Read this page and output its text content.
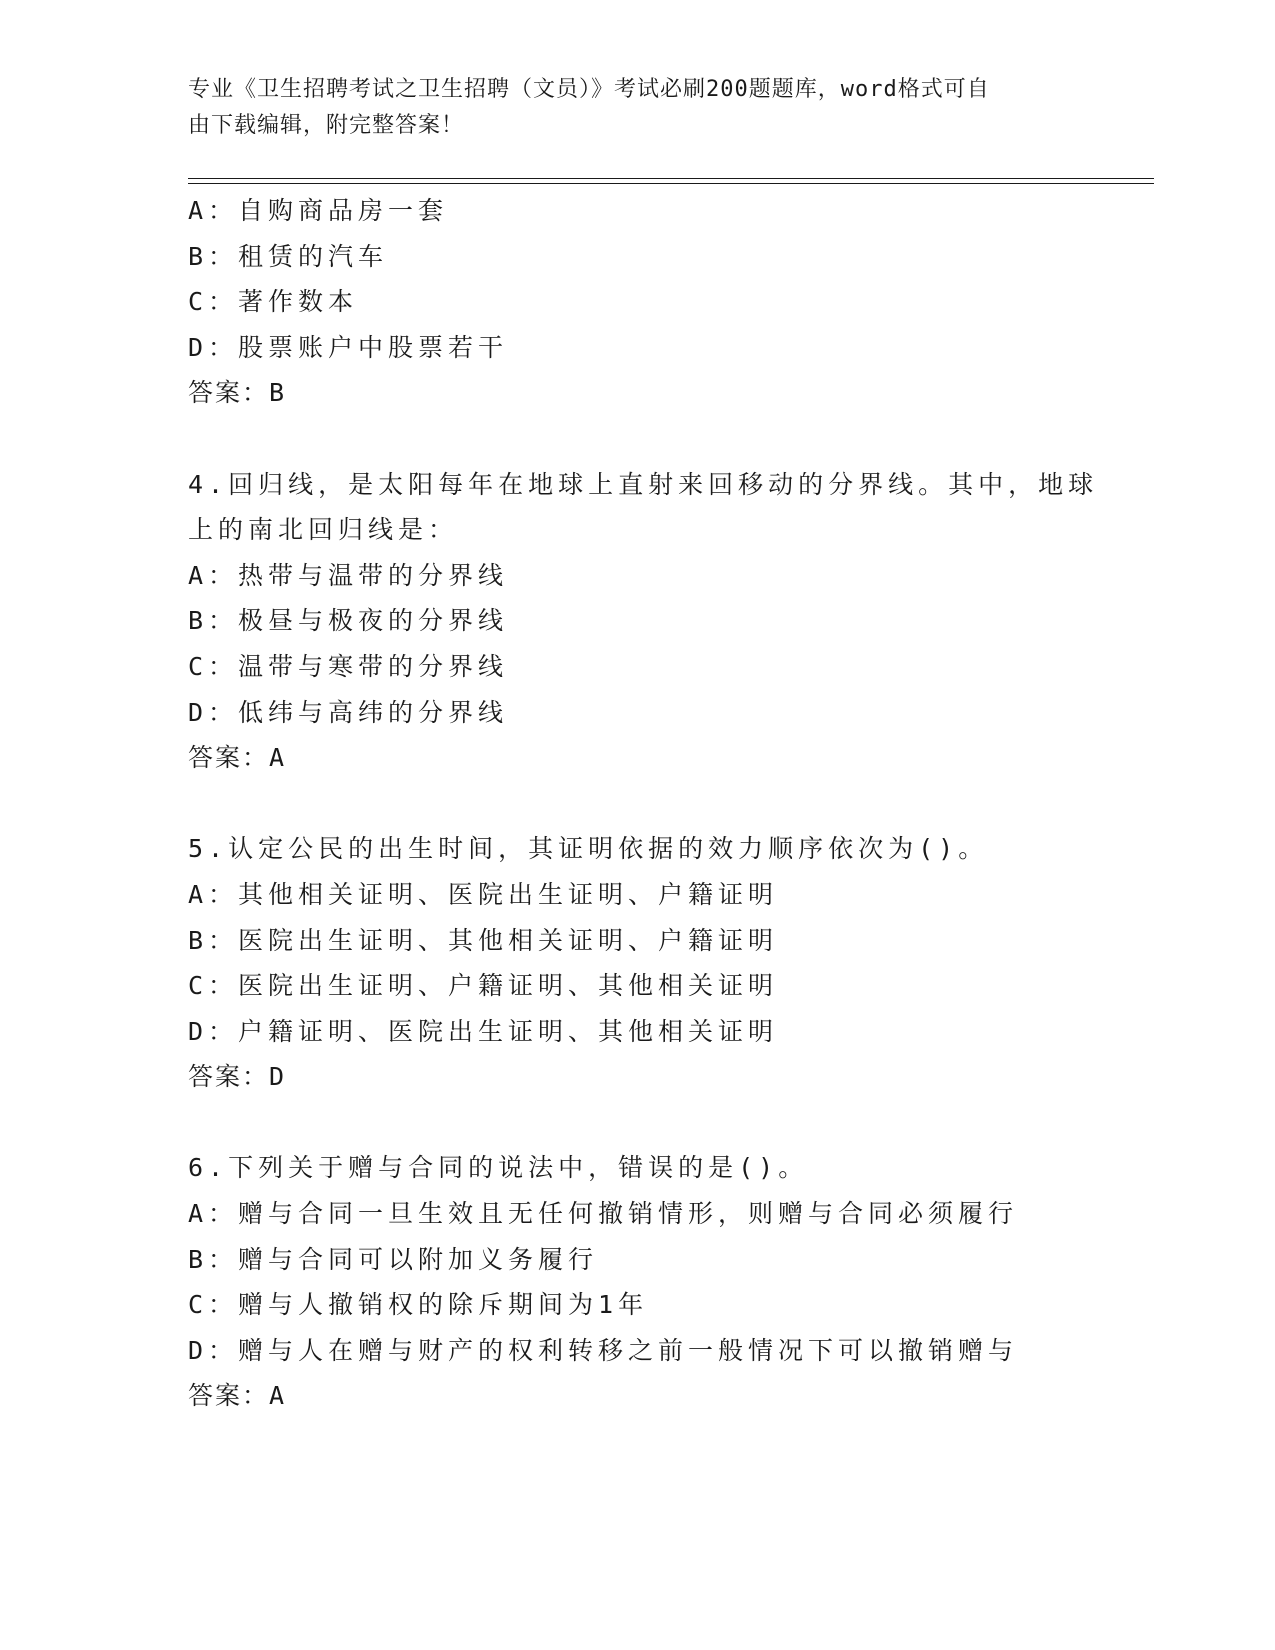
专业《卫生招聘考试之卫生招聘（文员）》考试必刷200题题库，word格式可自
由下载编辑，附完整答案！
A：自购商品房一套
B：租赁的汽车
C：著作数本
D：股票账户中股票若干
答案：B
4.回归线，是太阳每年在地球上直射来回移动的分界线。其中，地球
上的南北回归线是：
A：热带与温带的分界线
B：极昼与极夜的分界线
C：温带与寒带的分界线
D：低纬与高纬的分界线
答案：A
5.认定公民的出生时间，其证明依据的效力顺序依次为()。
A：其他相关证明、医院出生证明、户籍证明
B：医院出生证明、其他相关证明、户籍证明
C：医院出生证明、户籍证明、其他相关证明
D：户籍证明、医院出生证明、其他相关证明
答案：D
6.下列关于赠与合同的说法中，错误的是()。
A：赠与合同一旦生效且无任何撤销情形，则赠与合同必须履行
B：赠与合同可以附加义务履行
C：赠与人撤销权的除斥期间为1年
D：赠与人在赠与财产的权利转移之前一般情况下可以撤销赠与
答案：A
